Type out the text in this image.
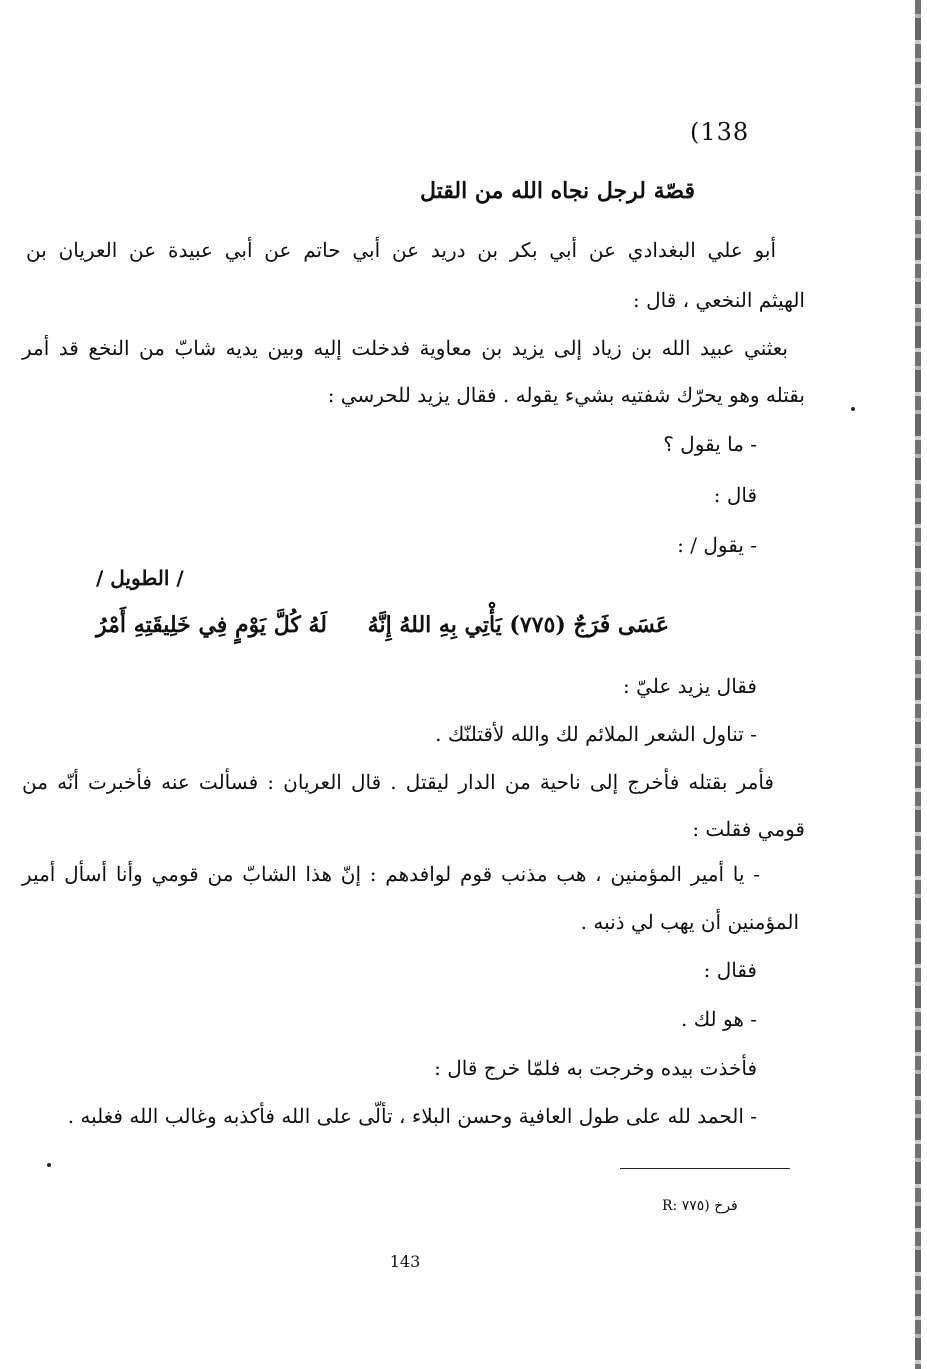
(138
قصّة لرجل نجاه الله من القتل
أبو علي البغدادي عن أبي بكر بن دريد عن أبي حاتم عن أبي عبيدة عن العريان بن
الهيثم النخعي ، قال :
بعثني عبيد الله بن زياد إلى يزيد بن معاوية فدخلت إليه وبين يديه شابّ من النخع قد أمر
بقتله وهو يحرّك شفتيه بشيء يقوله . فقال يزيد للحرسي :
- ما يقول ؟
قال :
- يقول / :
/ الطويل /
عَسَى فَرَجٌ (٧٧٥) يَأْتِي بِهِ اللهُ إِنَّهُ
لَهُ كُلَّ يَوْمٍ فِي خَلِيقَتِهِ أَمْرُ
فقال يزيد عليّ :
- تناول الشعر الملائم لك والله لأقتلنّك .
فأمر بقتله فأخرج إلى ناحية من الدار ليقتل . قال العريان : فسألت عنه فأخبرت أنّه من
قومي فقلت :
- يا أمير المؤمنين ، هب مذنب قوم لوافدهم : إنّ هذا الشابّ من قومي وأنا أسأل أمير
المؤمنين أن يهب لي ذنبه .
فقال :
- هو لك .
فأخذت بيده وخرجت به فلمّا خرج قال :
- الحمد لله على طول العافية وحسن البلاء ، تألّى على الله فأكذبه وغالب الله فغلبه .
R: فرخ (٧٧٥
143
